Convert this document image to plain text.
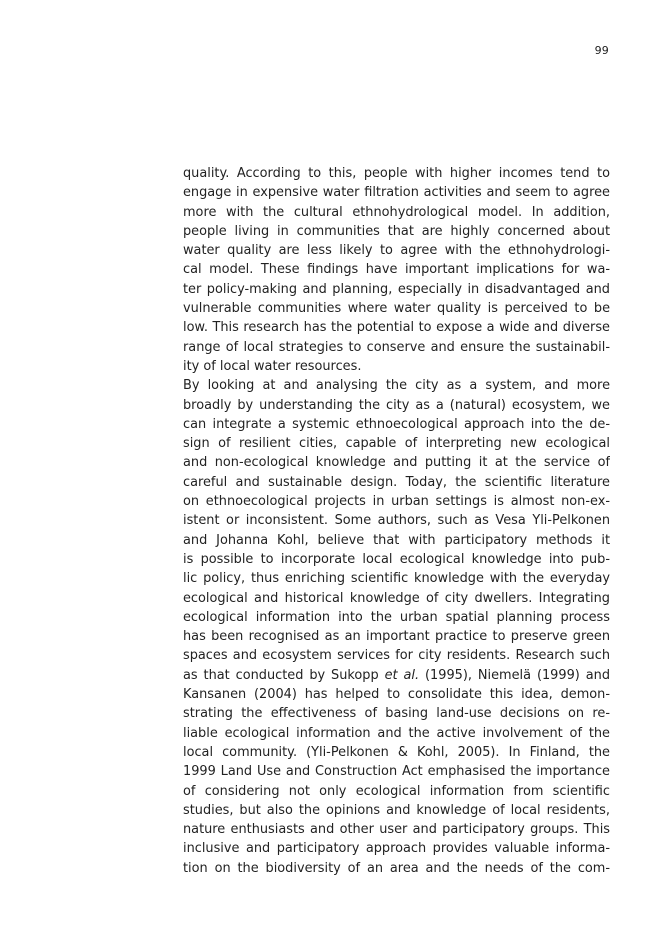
99
quality. According to this, people with higher incomes tend to
engage in expensive water filtration activities and seem to agree
more with the cultural ethnohydrological model. In addition,
people living in communities that are highly concerned about
water quality are less likely to agree with the ethnohydrologi-
cal model. These findings have important implications for wa-
ter policy-making and planning, especially in disadvantaged and
vulnerable communities where water quality is perceived to be
low. This research has the potential to expose a wide and diverse
range of local strategies to conserve and ensure the sustainabil-
ity of local water resources.
By looking at and analysing the city as a system, and more
broadly by understanding the city as a (natural) ecosystem, we
can integrate a systemic ethnoecological approach into the de-
sign of resilient cities, capable of interpreting new ecological
and non-ecological knowledge and putting it at the service of
careful and sustainable design. Today, the scientific literature
on ethnoecological projects in urban settings is almost non-ex-
istent or inconsistent. Some authors, such as Vesa Yli-Pelkonen
and Johanna Kohl, believe that with participatory methods it
is possible to incorporate local ecological knowledge into pub-
lic policy, thus enriching scientific knowledge with the everyday
ecological and historical knowledge of city dwellers. Integrating
ecological information into the urban spatial planning process
has been recognised as an important practice to preserve green
spaces and ecosystem services for city residents. Research such
as that conducted by Sukopp et al. (1995), Niemelä (1999) and
Kansanen (2004) has helped to consolidate this idea, demon-
strating the effectiveness of basing land-use decisions on re-
liable ecological information and the active involvement of the
local community. (Yli-Pelkonen & Kohl, 2005). In Finland, the
1999 Land Use and Construction Act emphasised the importance
of considering not only ecological information from scientific
studies, but also the opinions and knowledge of local residents,
nature enthusiasts and other user and participatory groups. This
inclusive and participatory approach provides valuable informa-
tion on the biodiversity of an area and the needs of the com-
